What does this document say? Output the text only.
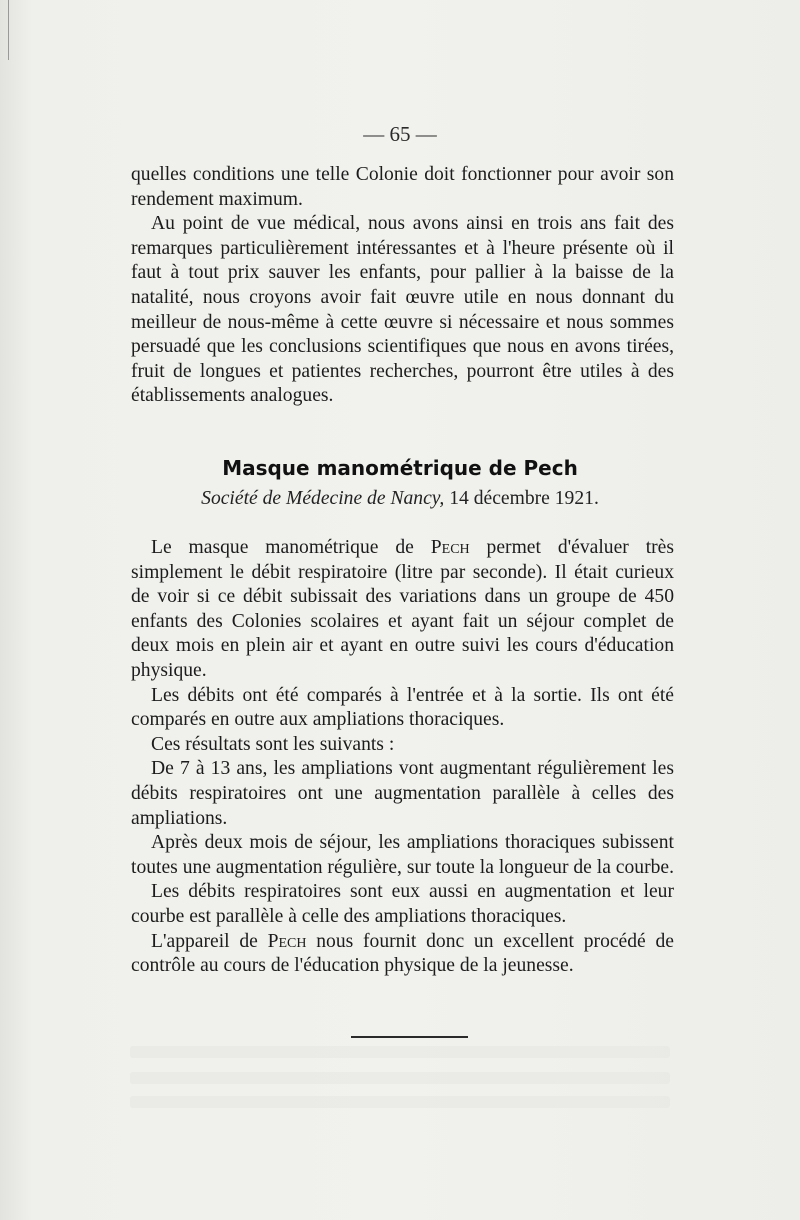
— 65 —

quelles conditions une telle Colonie doit fonctionner pour avoir son rendement maximum.

Au point de vue médical, nous avons ainsi en trois ans fait des remarques particulièrement intéressantes et à l'heure présente où il faut à tout prix sauver les enfants, pour pallier à la baisse de la natalité, nous croyons avoir fait œuvre utile en nous donnant du meilleur de nous-même à cette œuvre si nécessaire et nous sommes persuadé que les conclusions scientifiques que nous en avons tirées, fruit de longues et patientes recherches, pourront être utiles à des établissements analogues.

Masque manométrique de Pech
Société de Médecine de Nancy, 14 décembre 1921.

Le masque manométrique de Pech permet d'évaluer très simplement le débit respiratoire (litre par seconde). Il était curieux de voir si ce débit subissait des variations dans un groupe de 450 enfants des Colonies scolaires et ayant fait un séjour complet de deux mois en plein air et ayant en outre suivi les cours d'éducation physique.

Les débits ont été comparés à l'entrée et à la sortie. Ils ont été comparés en outre aux ampliations thoraciques.

Ces résultats sont les suivants :

De 7 à 13 ans, les ampliations vont augmentant régulièrement les débits respiratoires ont une augmentation parallèle à celles des ampliations.

Après deux mois de séjour, les ampliations thoraciques subissent toutes une augmentation régulière, sur toute la longueur de la courbe.

Les débits respiratoires sont eux aussi en augmentation et leur courbe est parallèle à celle des ampliations thoraciques.

L'appareil de Pech nous fournit donc un excellent procédé de contrôle au cours de l'éducation physique de la jeunesse.
